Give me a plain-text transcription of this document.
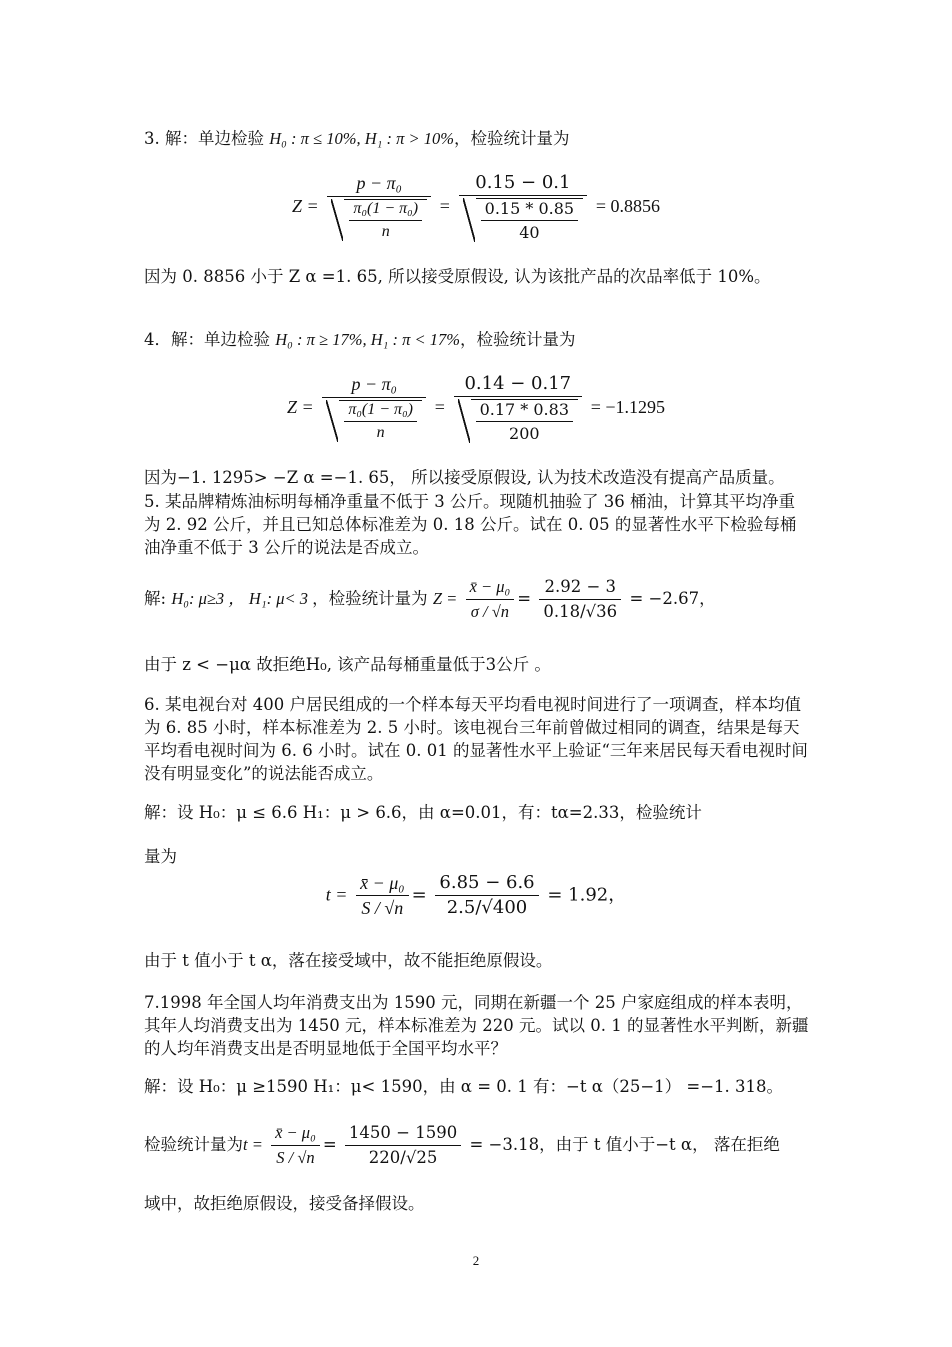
3. 解：单边检验 H₀ : π ≤ 10%, H₁ : π > 10%，检验统计量为
$Z = \frac{\text{p − π₀}}{\frac{\text{π₀(1 − π₀)}}{n}} = \frac{0.15 - 0.1}{\frac{0.15 * 0.85}{40}} = 0.8856$
因为 0. 8856 小于 Z α =1. 65, 所以接受原假设, 认为该批产品的次品率低于 10%。
4．解：单边检验 H₀ : π ≥ 17%, H₁ : π < 17%，检验统计量为
$Z = \frac{\text{p − π₀}}{\frac{\text{π₀(1 − π₀)}}{n}} = \frac{0.14 - 0.17}{\frac{0.17 * 0.83}{200}} = -1.1295$
因为−1. 1295> −Z α =−1. 65， 所以接受原假设, 认为技术改造没有提高产品质量。
5. 某品牌精炼油标明每桶净重量不低于 3 公斤。现随机抽验了 36 桶油，计算其平均净重为 2. 92 公斤，并且已知总体标准差为 0. 18 公斤。试在 0. 05 的显著性水平下检验每桶油净重不低于 3 公斤的说法是否成立。
解: H₀: μ≥3 ， H₁: μ< 3 ，检验统计量为 $Z = \frac{\text{x̄ − μ₀}}{\sigma / √n} = \frac{2.92 - 3}{0.18/√36} = -2.67$，
由于 z < −μα 故拒绝H₀, 该产品每桶重量低于3公斤 。
6. 某电视台对 400 户居民组成的一个样本每天平均看电视时间进行了一项调查，样本均值为 6. 85 小时，样本标准差为 2. 5 小时。该电视台三年前曾做过相同的调查，结果是每天平均看电视时间为 6. 6 小时。试在 0. 01 的显著性水平上验证“三年来居民每天看电视时间没有明显变化”的说法能否成立。
解：设 H₀：μ ≤ 6.6 H₁：μ > 6.6，由 α=0.01，有：tα=2.33，检验统计
量为
$t = \frac{\text{x̄ − μ₀}}{S / √n} = \frac{6.85 - 6.6}{2.5/√400} = 1.92$，
由于 t 值小于 t α，落在接受域中，故不能拒绝原假设。
7.1998 年全国人均年消费支出为 1590 元，同期在新疆一个 25 户家庭组成的样本表明，其年人均消费支出为 1450 元，样本标准差为 220 元。试以 0. 1 的显著性水平判断，新疆的人均年消费支出是否明显地低于全国平均水平？
解：设 H₀：μ ≥1590 H₁：μ< 1590，由 α = 0. 1 有：−t α（25−1） =−1. 318。
检验统计量为$t = \frac{\text{x̄ − μ₀}}{S / √n} = \frac{1450 - 1590}{220/√25} = -3.18$，由于 t 值小于−t α， 落在拒绝
域中，故拒绝原假设，接受备择假设。
2
